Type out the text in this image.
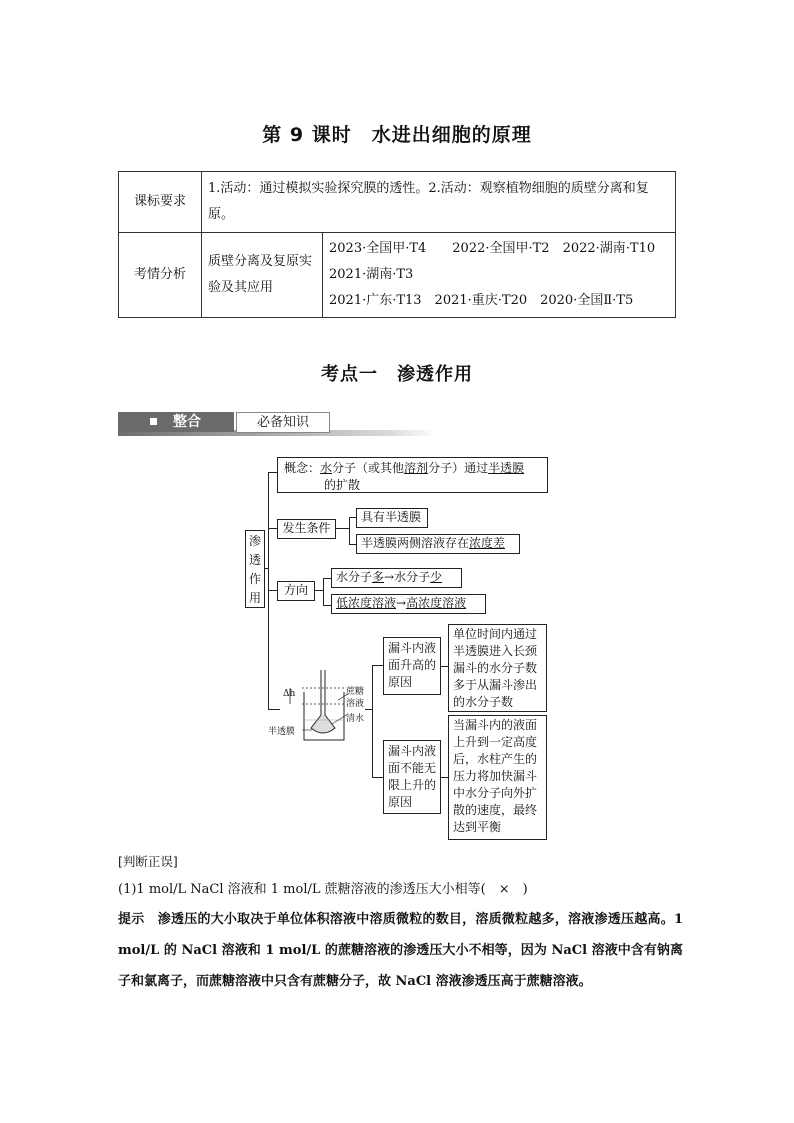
第 9 课时　水进出细胞的原理
课标要求	1.活动：通过模拟实验探究膜的透性。2.活动：观察植物细胞的质壁分离和复原。	
考情分析	质壁分离及复原实验及其应用	2023·全国甲·T4　　2022·全国甲·T2　2022·湖南·T10
2021·湖南·T3
2021·广东·T13　2021·重庆·T20　2020·全国Ⅱ·T5
考点一　渗透作用
整合	必备知识
渗透作用
概念：水分子（或其他溶剂分子）通过半透膜
的扩散
发生条件
具有半透膜
半透膜两侧溶液存在浓度差
方向
水分子多→水分子少
低浓度溶液→高浓度溶液
Δh	蔗糖溶液
清水
半透膜
漏斗内液面升高的原因
单位时间内通过半透膜进入长颈漏斗的水分子数多于从漏斗渗出的水分子数
漏斗内液面不能无限上升的原因
当漏斗内的液面上升到一定高度后，水柱产生的压力将加快漏斗中水分子向外扩散的速度，最终达到平衡
[判断正误]
(1)1 mol/L NaCl 溶液和 1 mol/L 蔗糖溶液的渗透压大小相等(　×　)
提示　 渗透压的大小取决于单位体积溶液中溶质微粒的数目，溶质微粒越多，溶液渗透压越高。1 mol/L 的 NaCl 溶液和 1 mol/L 的蔗糖溶液的渗透压大小不相等，因为 NaCl 溶液中含有钠离子和氯离子，而蔗糖溶液中只含有蔗糖分子，故 NaCl 溶液渗透压高于蔗糖溶液。
